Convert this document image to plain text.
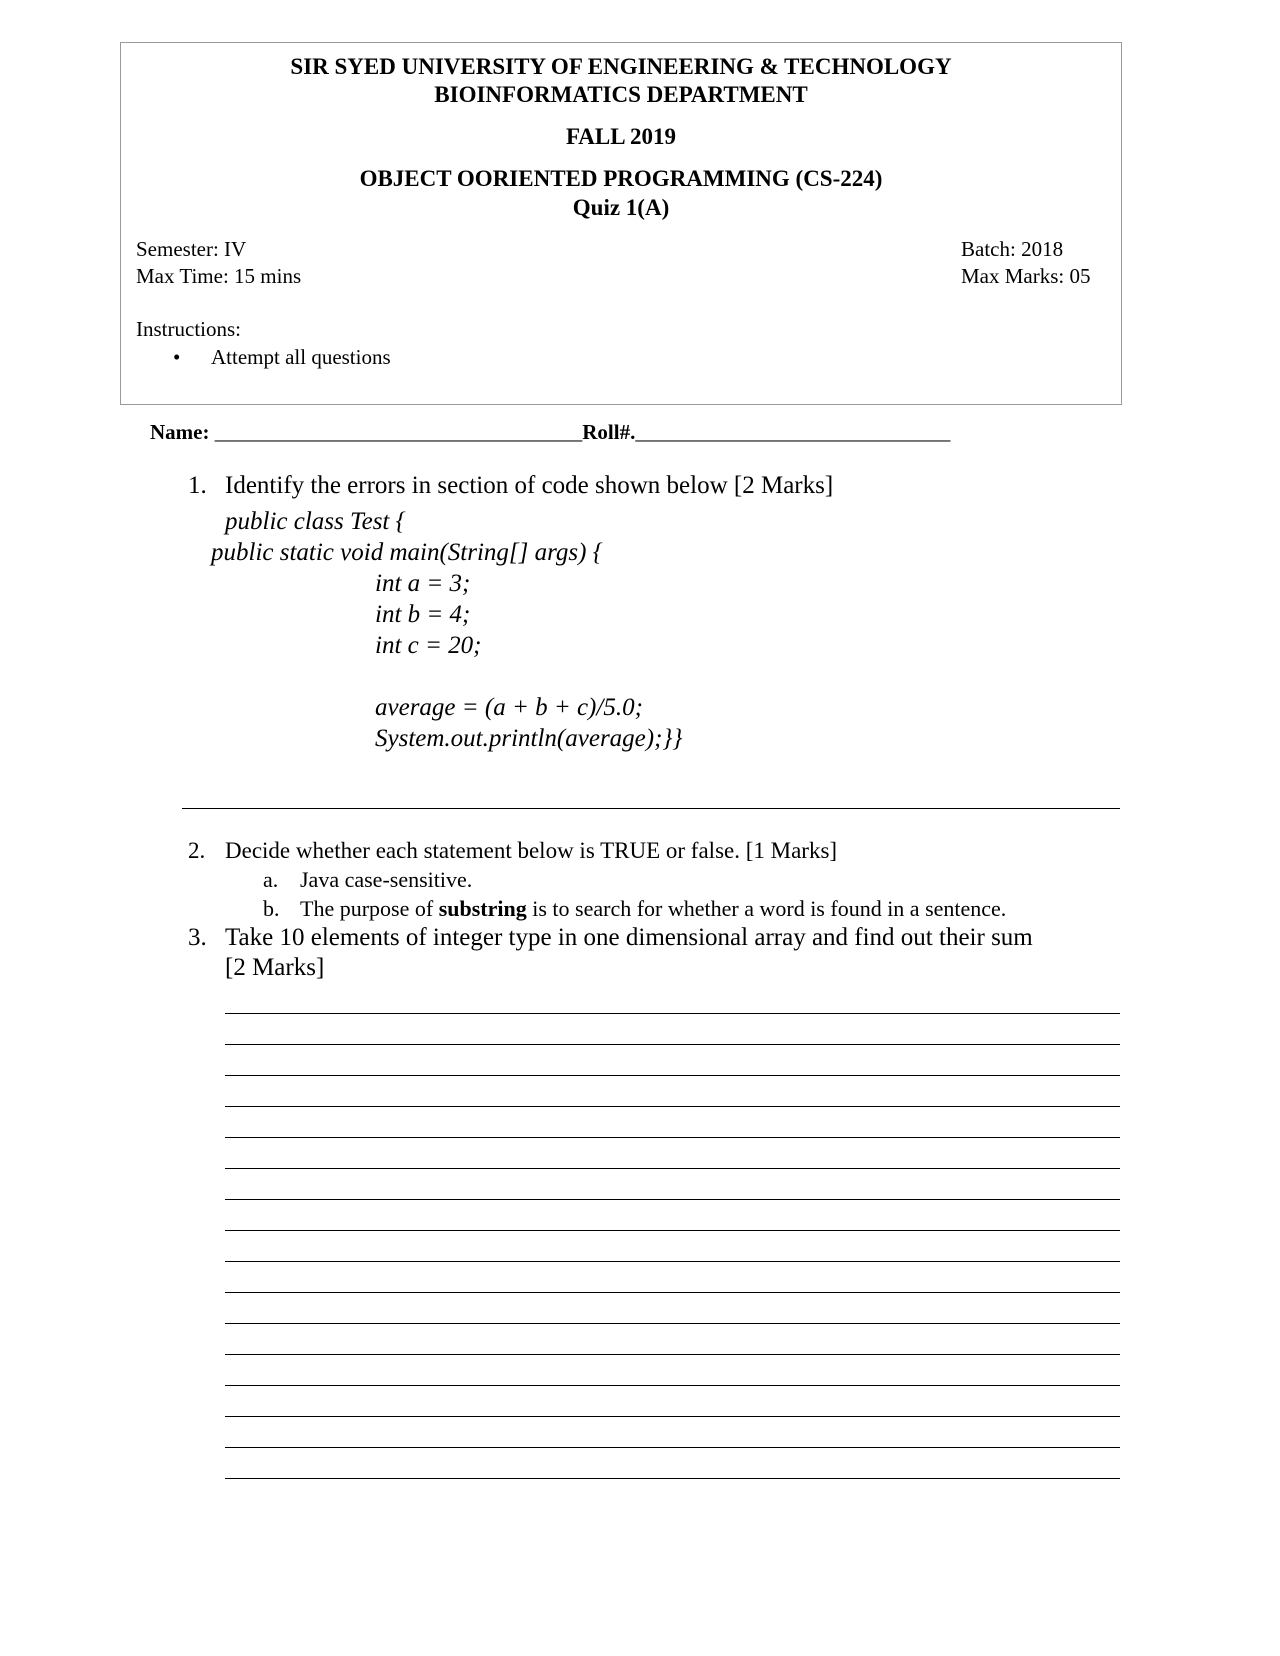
SIR SYED UNIVERSITY OF ENGINEERING & TECHNOLOGY
BIOINFORMATICS DEPARTMENT
FALL 2019
OBJECT OORIENTED PROGRAMMING (CS-224)
Quiz 1(A)
Semester: IV
Max Time: 15 mins
Batch: 2018
Max Marks: 05
Instructions:
• Attempt all questions
Name: ___________________________________Roll#.______________________________
1. Identify the errors in section of code shown below [2 Marks]
public class Test {
public static void main(String[] args) {
int a = 3;
int b = 4;
int c = 20;
average = (a + b + c)/5.0;
System.out.println(average);}}
2. Decide whether each statement below is TRUE or false. [1 Marks]
a. Java case-sensitive.
b. The purpose of substring is to search for whether a word is found in a sentence.
3. Take 10 elements of integer type in one dimensional array and find out their sum
[2 Marks]
